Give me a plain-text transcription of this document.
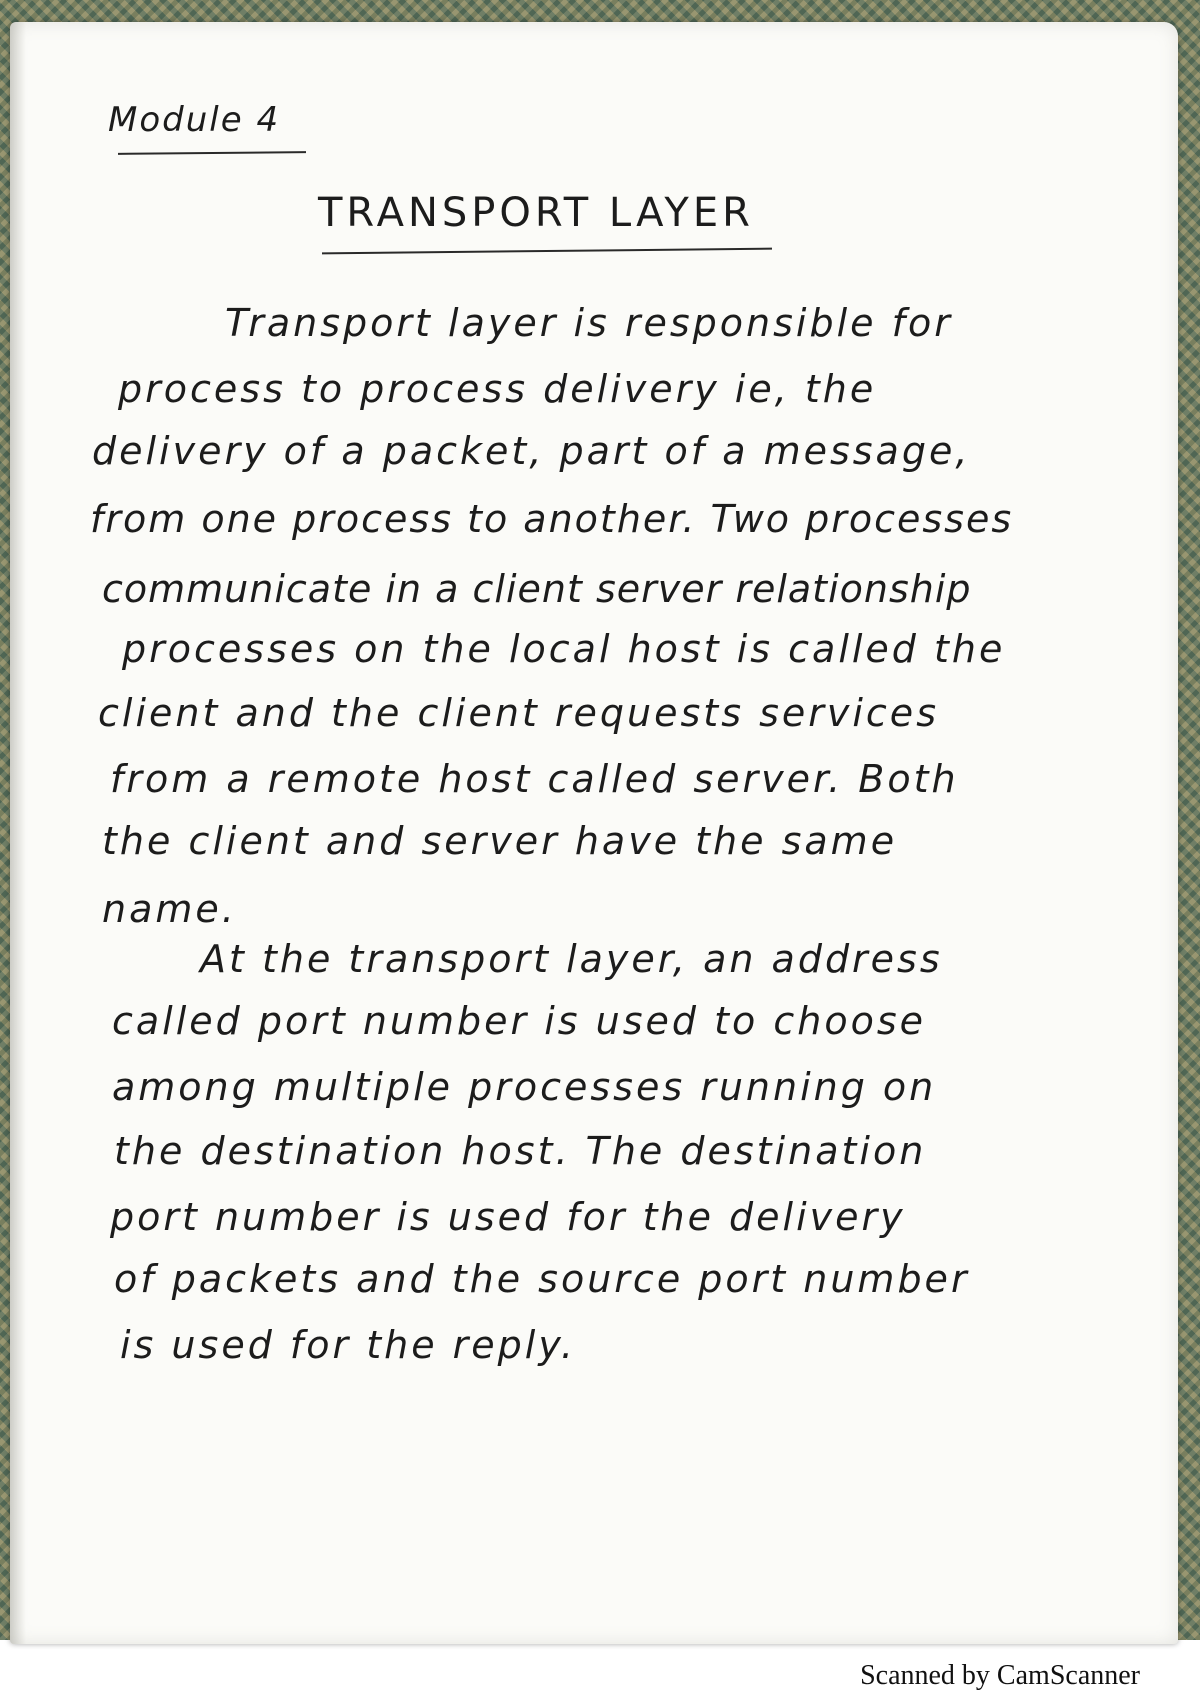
Module 4
TRANSPORT LAYER
Transport layer is responsible for
process to process delivery ie, the
delivery of a packet, part of a message,
from one process to another. Two processes
communicate in a client server relationship
processes on the local host is called the
client and the client requests services
from a remote host called server. Both
the client and server have the same
name.
At the transport layer, an address
called port number is used to choose
among multiple processes running on
the destination host. The destination
port number is used for the delivery
of packets and the source port number
is used for the reply.
Scanned by CamScanner
